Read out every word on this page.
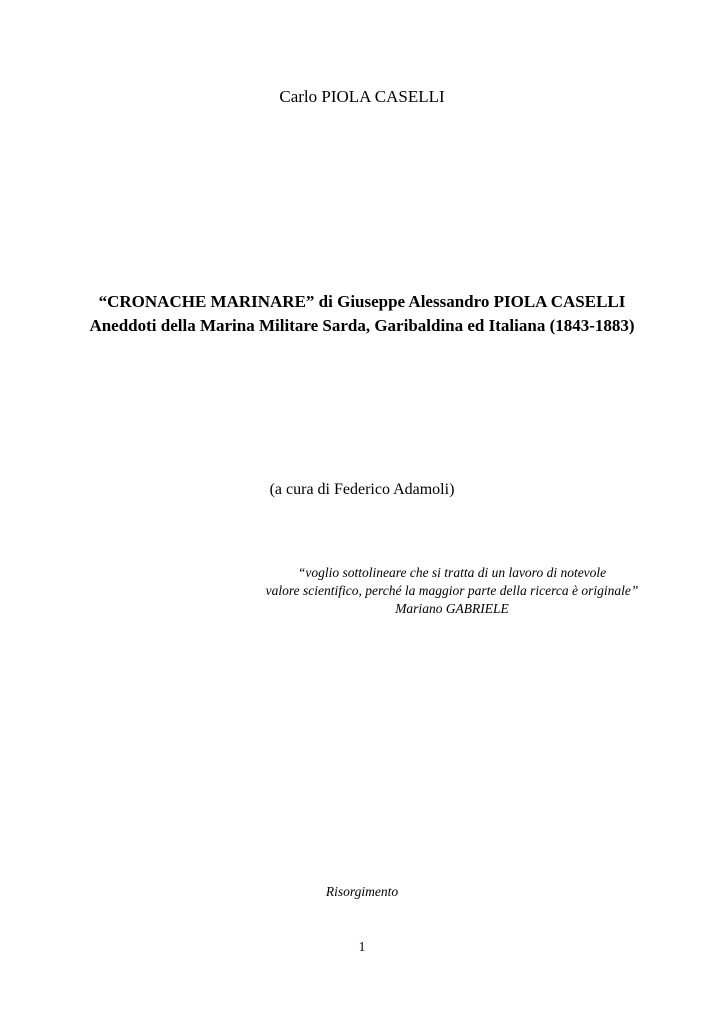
Carlo PIOLA CASELLI
“CRONACHE MARINARE” di Giuseppe Alessandro PIOLA CASELLI
Aneddoti della Marina Militare Sarda, Garibaldina ed Italiana (1843-1883)
(a cura di Federico Adamoli)
“voglio sottolineare che si tratta di un lavoro di notevole
valore scientifico, perché la maggior parte della ricerca è originale”
Mariano GABRIELE
Risorgimento
1
